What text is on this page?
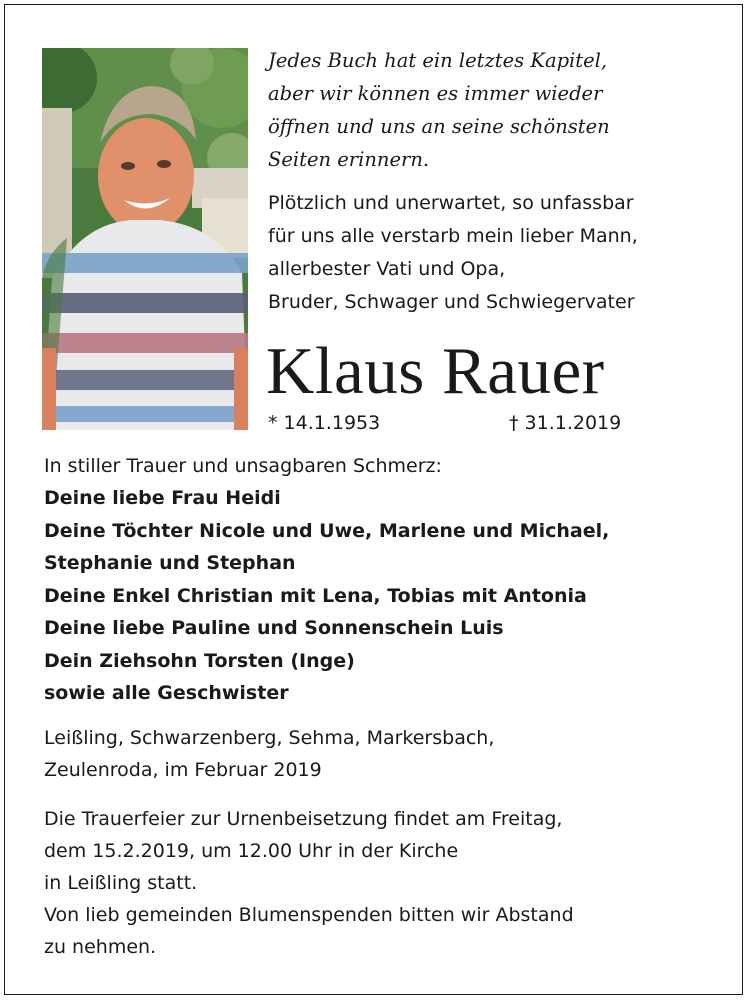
Jedes Buch hat ein letztes Kapitel,
aber wir können es immer wieder
öffnen und uns an seine schönsten
Seiten erinnern.
Plötzlich und unerwartet, so unfassbar
für uns alle verstarb mein lieber Mann,
allerbester Vati und Opa,
Bruder, Schwager und Schwiegervater
Klaus Rauer
* 14.1.1953	† 31.1.2019
In stiller Trauer und unsagbaren Schmerz:
Deine liebe Frau Heidi
Deine Töchter Nicole und Uwe, Marlene und Michael,
Stephanie und Stephan
Deine Enkel Christian mit Lena, Tobias mit Antonia
Deine liebe Pauline und Sonnenschein Luis
Dein Ziehsohn Torsten (Inge)
sowie alle Geschwister
Leißling, Schwarzenberg, Sehma, Markersbach,
Zeulenroda, im Februar 2019
Die Trauerfeier zur Urnenbeisetzung findet am Freitag,
dem 15.2.2019, um 12.00 Uhr in der Kirche
in Leißling statt.
Von lieb gemeinden Blumenspenden bitten wir Abstand
zu nehmen.
